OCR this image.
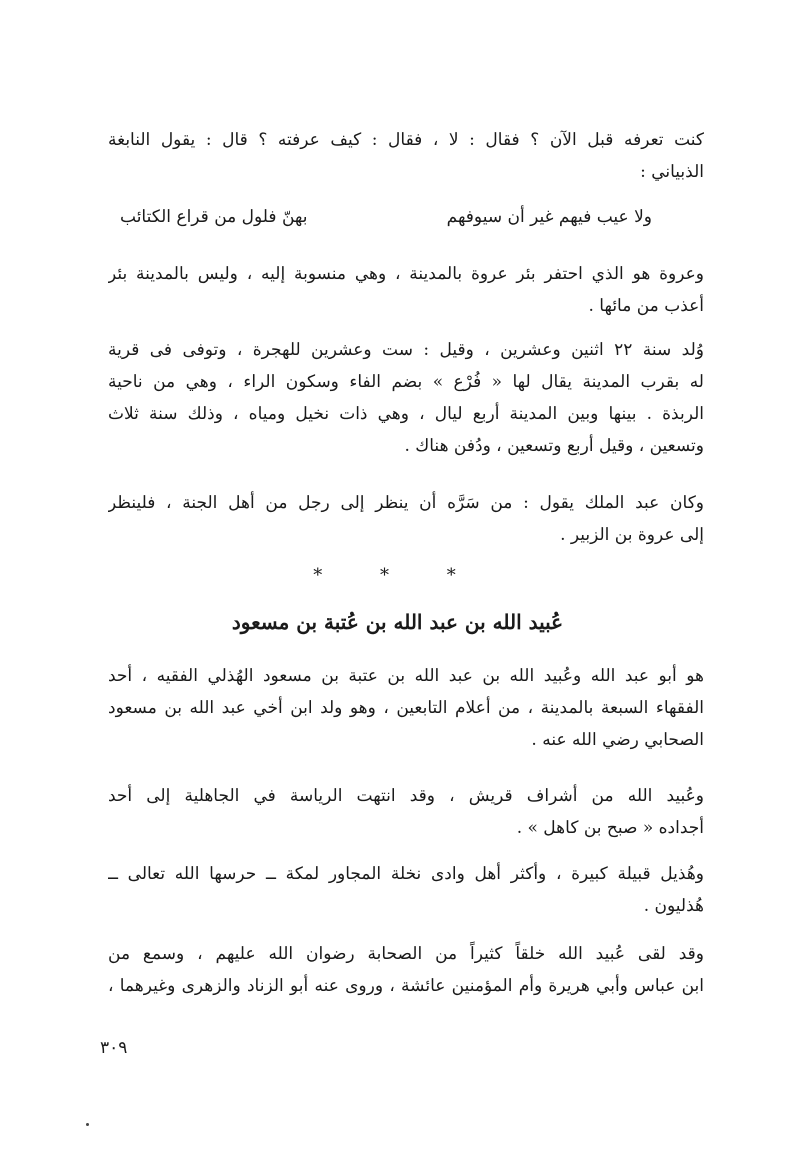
كنت تعرفه قبل الآن ؟ فقال : لا ، فقال : كيف عرفته ؟ قال : يقول النابغة
الذبياني :
ولا عيب فيهم غير أن سيوفهم
بهنّ فلول من قراع الكتائب
وعروة هو الذي احتفر بئر عروة بالمدينة ، وهي منسوبة إليه ، وليس بالمدينة بئر
أعذب من مائها .
وُلد سنة ٢٢ اثنين وعشرين ، وقيل : ست وعشرين للهجرة ، وتوفى فى قرية
له بقرب المدينة يقال لها « فُرْع » بضم الفاء وسكون الراء ، وهي من ناحية
الربذة . بينها وبين المدينة أربع ليال ، وهي ذات نخيل ومياه ، وذلك سنة ثلاث
وتسعين ، وقيل أربع وتسعين ، ودُفن هناك .
وكان عبد الملك يقول : من سَرَّه أن ينظر إلى رجل من أهل الجنة ، فلينظر
إلى عروة بن الزبير .
* * *
عُبيد الله بن عبد الله بن عُتبة بن مسعود
هو أبو عبد الله وعُبيد الله بن عبد الله بن عتبة بن مسعود الهُذلي الفقيه ، أحد
الفقهاء السبعة بالمدينة ، من أعلام التابعين ، وهو ولد ابن أخي عبد الله بن مسعود
الصحابي رضي الله عنه .
وعُبيد الله من أشراف قريش ، وقد انتهت الرياسة في الجاهلية إلى أحد
أجداده « صبح بن كاهل » .
وهُذيل قبيلة كبيرة ، وأكثر أهل وادى نخلة المجاور لمكة ــ حرسها الله تعالى ــ
هُذليون .
وقد لقى عُبيد الله خلقاً كثيراً من الصحابة رضوان الله عليهم ، وسمع من
ابن عباس وأبي هريرة وأم المؤمنين عائشة ، وروى عنه أبو الزناد والزهرى وغيرهما ،
٣٠٩
